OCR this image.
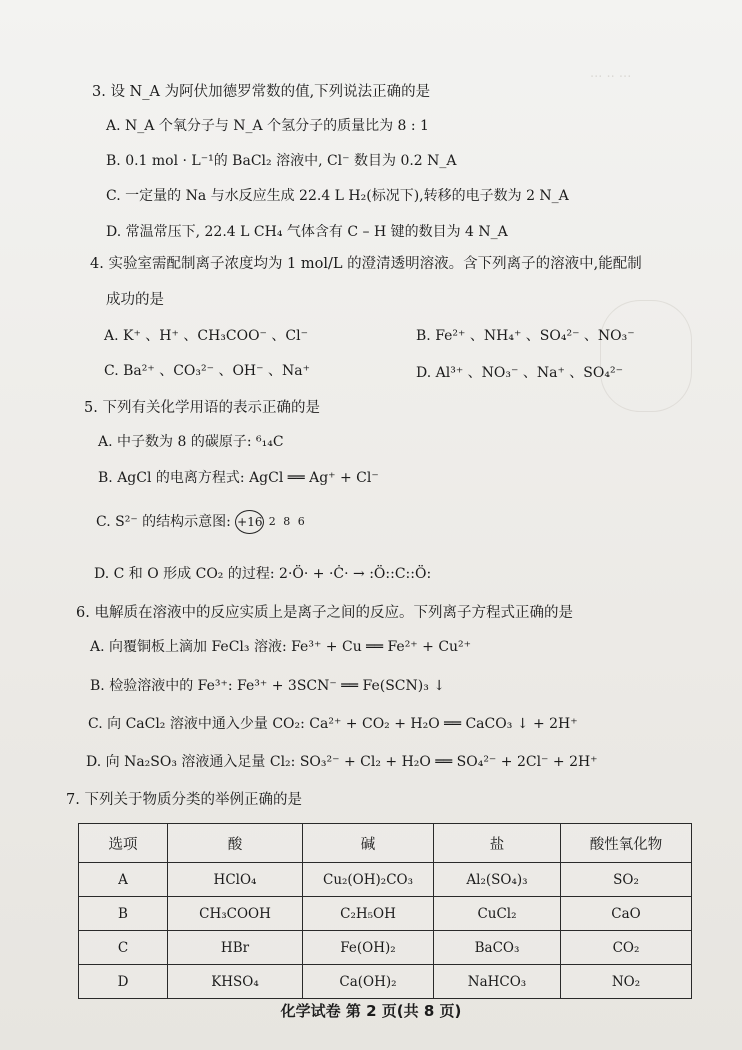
··· ·· ···
3. 设 N_A 为阿伏加德罗常数的值,下列说法正确的是
A. N_A 个氧分子与 N_A 个氢分子的质量比为 8 : 1
B. 0.1 mol · L⁻¹的 BaCl₂ 溶液中, Cl⁻ 数目为 0.2 N_A
C. 一定量的 Na 与水反应生成 22.4 L H₂(标况下),转移的电子数为 2 N_A
D. 常温常压下, 22.4 L CH₄ 气体含有 C – H 键的数目为 4 N_A
4. 实验室需配制离子浓度均为 1 mol/L 的澄清透明溶液。含下列离子的溶液中,能配制
成功的是
A. K⁺ 、H⁺ 、CH₃COO⁻ 、Cl⁻	B. Fe²⁺ 、NH₄⁺ 、SO₄²⁻ 、NO₃⁻
C. Ba²⁺ 、CO₃²⁻ 、OH⁻ 、Na⁺	D. Al³⁺ 、NO₃⁻ 、Na⁺ 、SO₄²⁻
5. 下列有关化学用语的表示正确的是
A. 中子数为 8 的碳原子: ⁶₁₄C
B. AgCl 的电离方程式: AgCl ══ Ag⁺ + Cl⁻
C. S²⁻ 的结构示意图: +16 2 8 6
D. C 和 O 形成 CO₂ 的过程: 2·Ö· + ·Ċ· → :Ö::C::Ö:
6. 电解质在溶液中的反应实质上是离子之间的反应。下列离子方程式正确的是
A. 向覆铜板上滴加 FeCl₃ 溶液: Fe³⁺ + Cu ══ Fe²⁺ + Cu²⁺
B. 检验溶液中的 Fe³⁺: Fe³⁺ + 3SCN⁻ ══ Fe(SCN)₃ ↓
C. 向 CaCl₂ 溶液中通入少量 CO₂: Ca²⁺ + CO₂ + H₂O ══ CaCO₃ ↓ + 2H⁺
D. 向 Na₂SO₃ 溶液通入足量 Cl₂: SO₃²⁻ + Cl₂ + H₂O ══ SO₄²⁻ + 2Cl⁻ + 2H⁺
7. 下列关于物质分类的举例正确的是
选项	酸	碱	盐	酸性氧化物
A	HClO₄	Cu₂(OH)₂CO₃	Al₂(SO₄)₃	SO₂
B	CH₃COOH	C₂H₅OH	CuCl₂	CaO
C	HBr	Fe(OH)₂	BaCO₃	CO₂
D	KHSO₄	Ca(OH)₂	NaHCO₃	NO₂
化学试卷 第 2 页(共 8 页)
